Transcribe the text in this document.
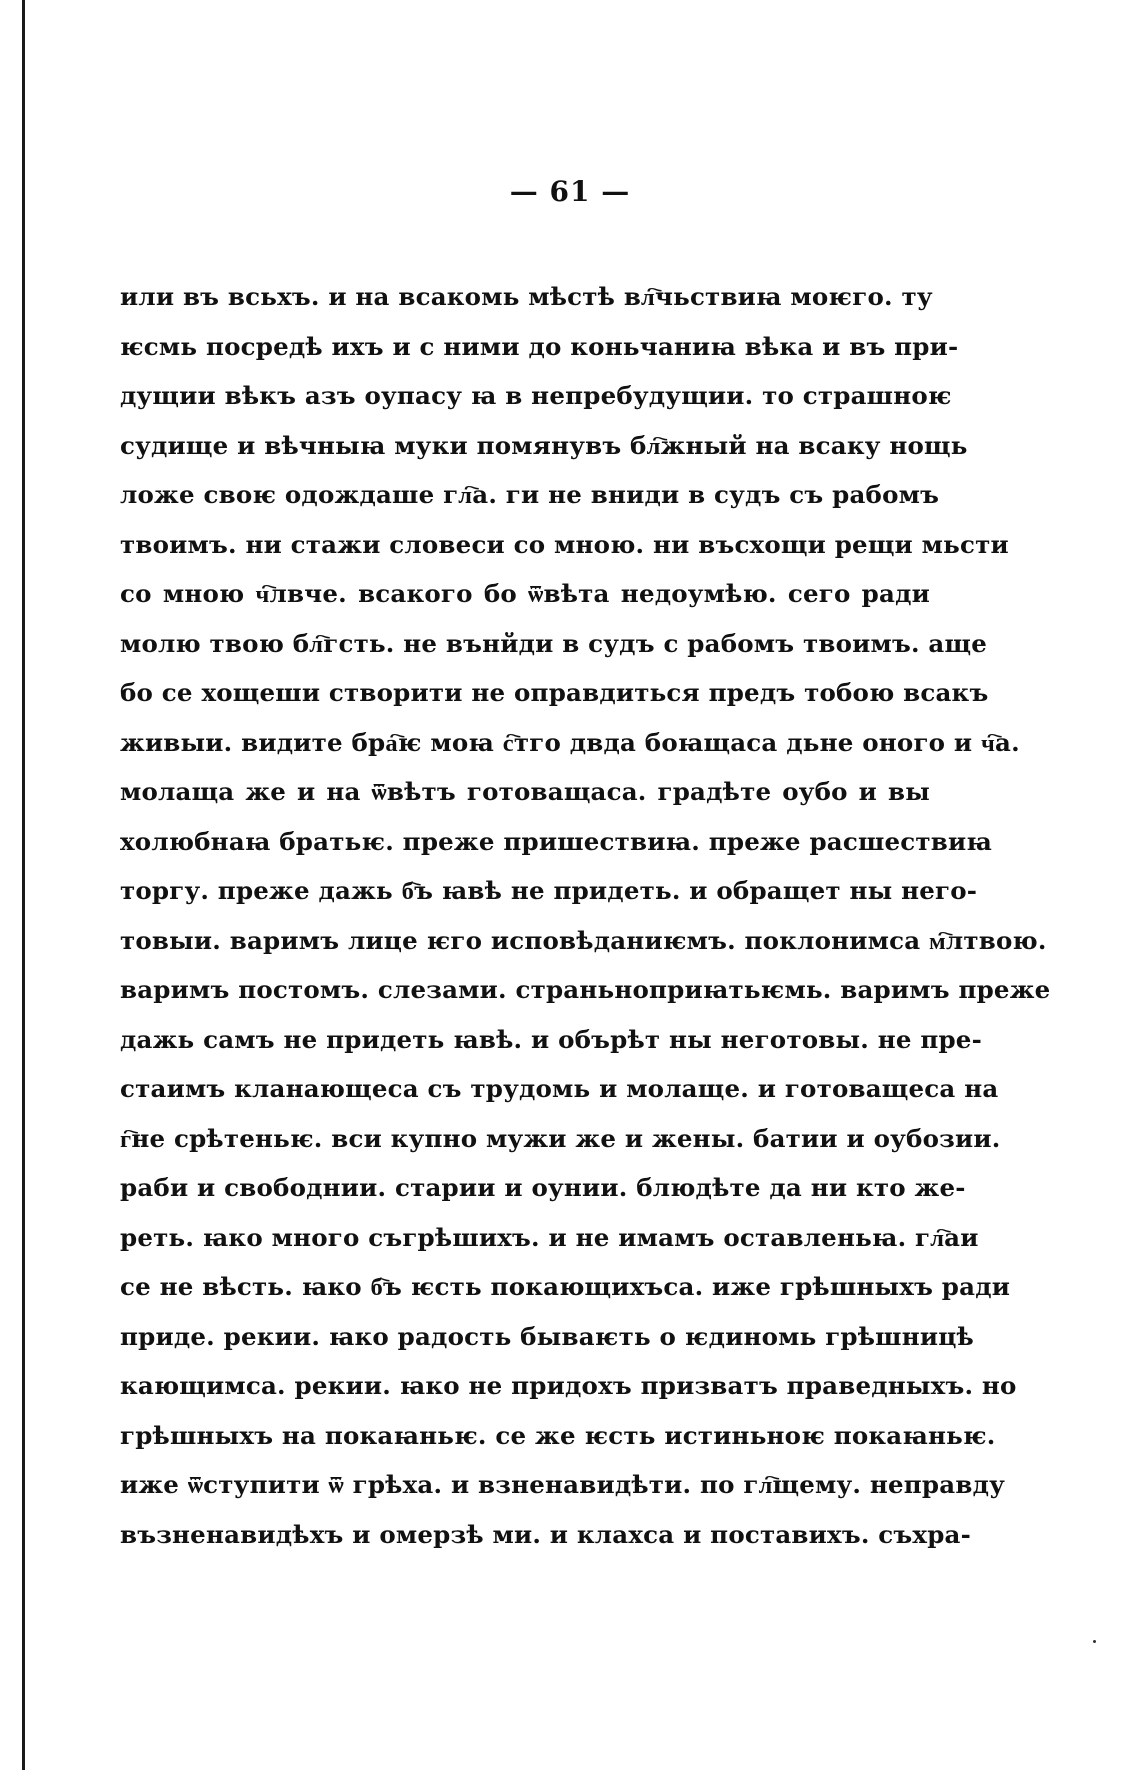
— 61 —
или въ всьхъ. и на всакомь мѣстѣ вл҇чьствиꙗ моѥго. ту
ѥсмь посредѣ ихъ и с ними до коньчаниꙗ вѣка и въ при-
дущии вѣкъ азъ оупасу ꙗ в непребудущии. то страшноѥ
судище и вѣчныꙗ муки помянувъ бл҇жный на всаку нощь
ложе своѥ одождаше гл҇а. ги не вниди в судъ съ рабомъ
твоимъ. ни стажи словеси со мною. ни въсхощи рещи мьсти
со мною ч҇лвче. всакого бо ѿвѣта недоумѣю. сего ради
молю твою бл҇гсть. не вънйди в судъ с рабомъ твоимъ. аще
бо се хощеши створити не оправдиться предъ тобою всакъ
живыи. видите бра҇ѥ моꙗ с҇тго двда боꙗщаса дьне оного и ч҇а.
молаща же и на ѿвѣтъ готоващаса. градѣте оубо и вы
холюбнаꙗ братьѥ. преже пришествиꙗ. преже расшествиꙗ
торгу. преже дажь б҇ъ ꙗвѣ не придеть. и обращет ны него-
товыи. варимъ лице ѥго исповѣданиѥмъ. поклонимса м҇лтвою.
варимъ постомъ. слезами. страньноприꙗтьѥмь. варимъ преже
дажь самъ не придеть ꙗвѣ. и обърѣт ны неготовы. не пре-
стаимъ кланающеса съ трудомь и молаще. и готоващеса на
г҇не срѣтеньѥ. вси купно мужи же и жены. батии и оубозии.
раби и свободнии. старии и оунии. блюдѣте да ни кто же-
реть. ꙗко много съгрѣшихъ. и не имамъ оставленьꙗ. гл҇аи
се не вѣсть. ꙗко б҇ъ ѥсть покающихъса. иже грѣшныхъ ради
приде. рекии. ꙗко радость бываѥть о ѥдиномь грѣшницѣ
кающимса. рекии. ꙗко не придохъ призватъ праведныхъ. но
грѣшныхъ на покаꙗньѥ. се же ѥсть истиньноѥ покаꙗньѥ.
иже ѿступити ѿ грѣха. и взненавидѣти. по гл҇щему. неправду
възненавидѣхъ и омерзѣ ми. и клахса и поставихъ. съхра-
